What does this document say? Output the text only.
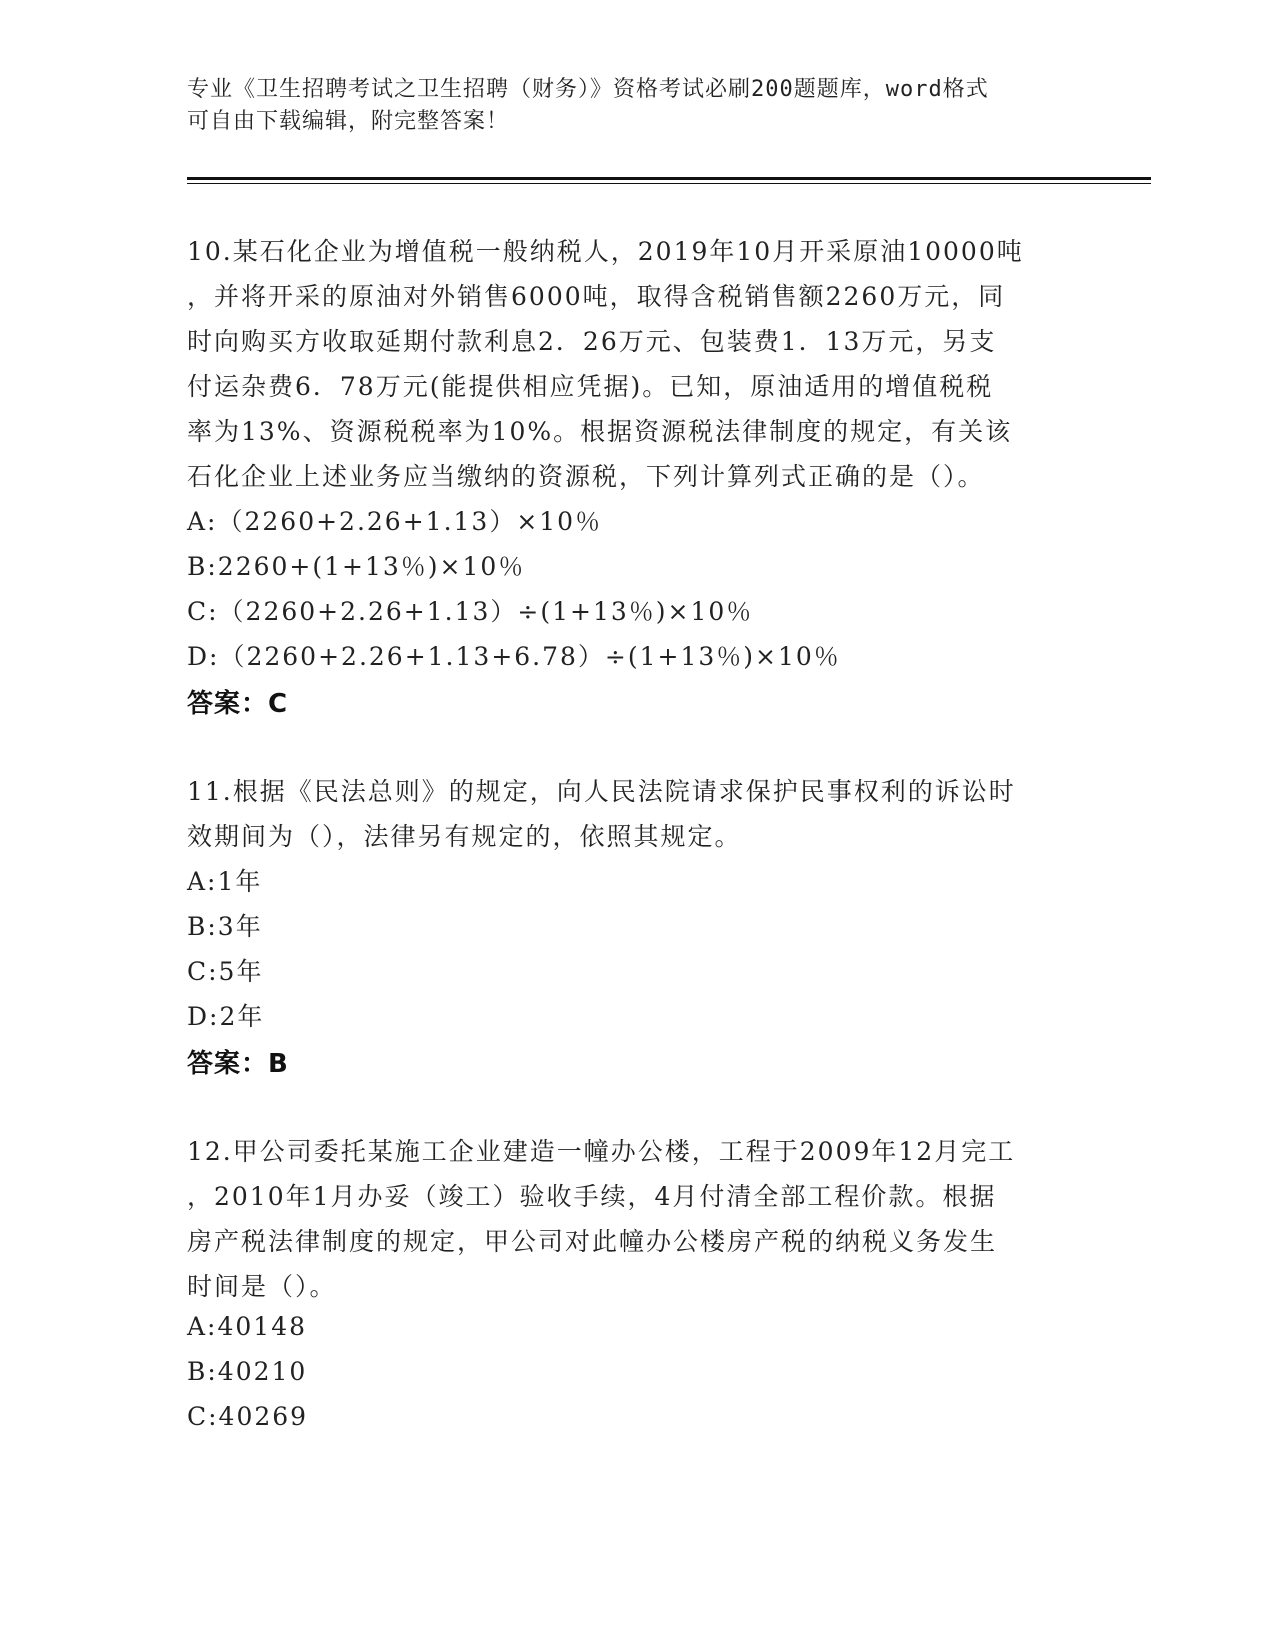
专业《卫生招聘考试之卫生招聘（财务）》资格考试必刷200题题库，word格式
可自由下载编辑，附完整答案！
10.某石化企业为增值税一般纳税人，2019年10月开采原油10000吨
，并将开采的原油对外销售6000吨，取得含税销售额2260万元，同
时向购买方收取延期付款利息2．26万元、包装费1．13万元，另支
付运杂费6．78万元(能提供相应凭据)。已知，原油适用的增值税税
率为13%、资源税税率为10%。根据资源税法律制度的规定，有关该
石化企业上述业务应当缴纳的资源税，下列计算列式正确的是（）。
A:（2260+2.26+1.13）×10％
B:2260+(1+13％)×10％
C:（2260+2.26+1.13）÷(1+13％)×10％
D:（2260+2.26+1.13+6.78）÷(1+13％)×10％
答案：C
11.根据《民法总则》的规定，向人民法院请求保护民事权利的诉讼时
效期间为（），法律另有规定的，依照其规定。
A:1年
B:3年
C:5年
D:2年
答案：B
12.甲公司委托某施工企业建造一幢办公楼，工程于2009年12月完工
，2010年1月办妥（竣工）验收手续，4月付清全部工程价款。根据
房产税法律制度的规定，甲公司对此幢办公楼房产税的纳税义务发生
时间是（）。
A:40148
B:40210
C:40269
